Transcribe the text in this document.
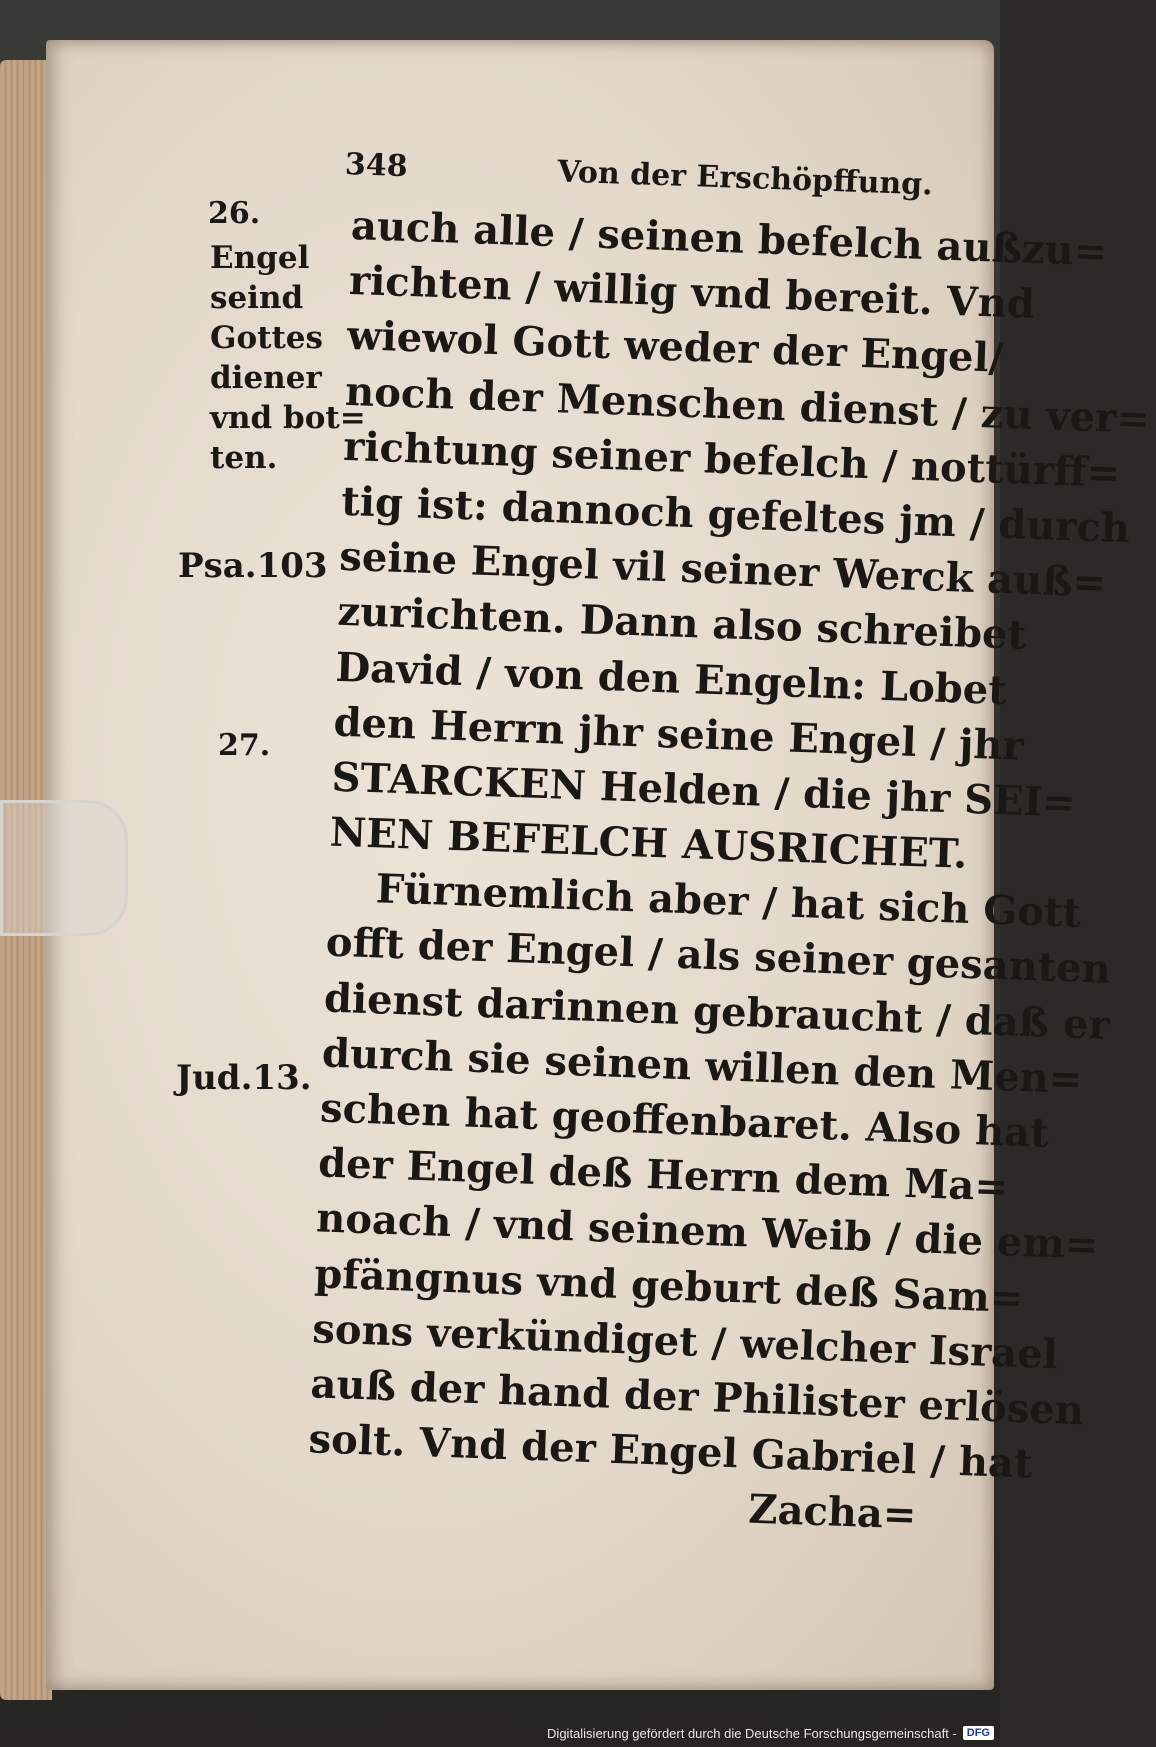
348	Von der Erschöpffung.
26.
Engel
seind
Gottes
diener
vnd bot=
ten.
Psa.103
27.
Jud.13.
auch alle / seinen befelch außzu=
richten / willig vnd bereit. Vnd
wiewol Gott weder der Engel/
noch der Menschen dienst / zu ver=
richtung seiner befelch / nottürff=
tig ist: dannoch gefeltes jm / durch
seine Engel vil seiner Werck auß=
zurichten. Dann also schreibet
David / von den Engeln: Lobet
den Herrn jhr seine Engel / jhr
STARCKEN Helden / die jhr SEI=
NEN BEFELCH AUSRICHET.
Fürnemlich aber / hat sich Gott
offt der Engel / als seiner gesanten
dienst darinnen gebraucht / daß er
durch sie seinen willen den Men=
schen hat geoffenbaret. Also hat
der Engel deß Herrn dem Ma=
noach / vnd seinem Weib / die em=
pfängnus vnd geburt deß Sam=
sons verkündiget / welcher Israel
auß der hand der Philister erlösen
solt. Vnd der Engel Gabriel / hat
Zacha=
Digitalisierung gefördert durch die Deutsche Forschungsgemeinschaft - DFG
